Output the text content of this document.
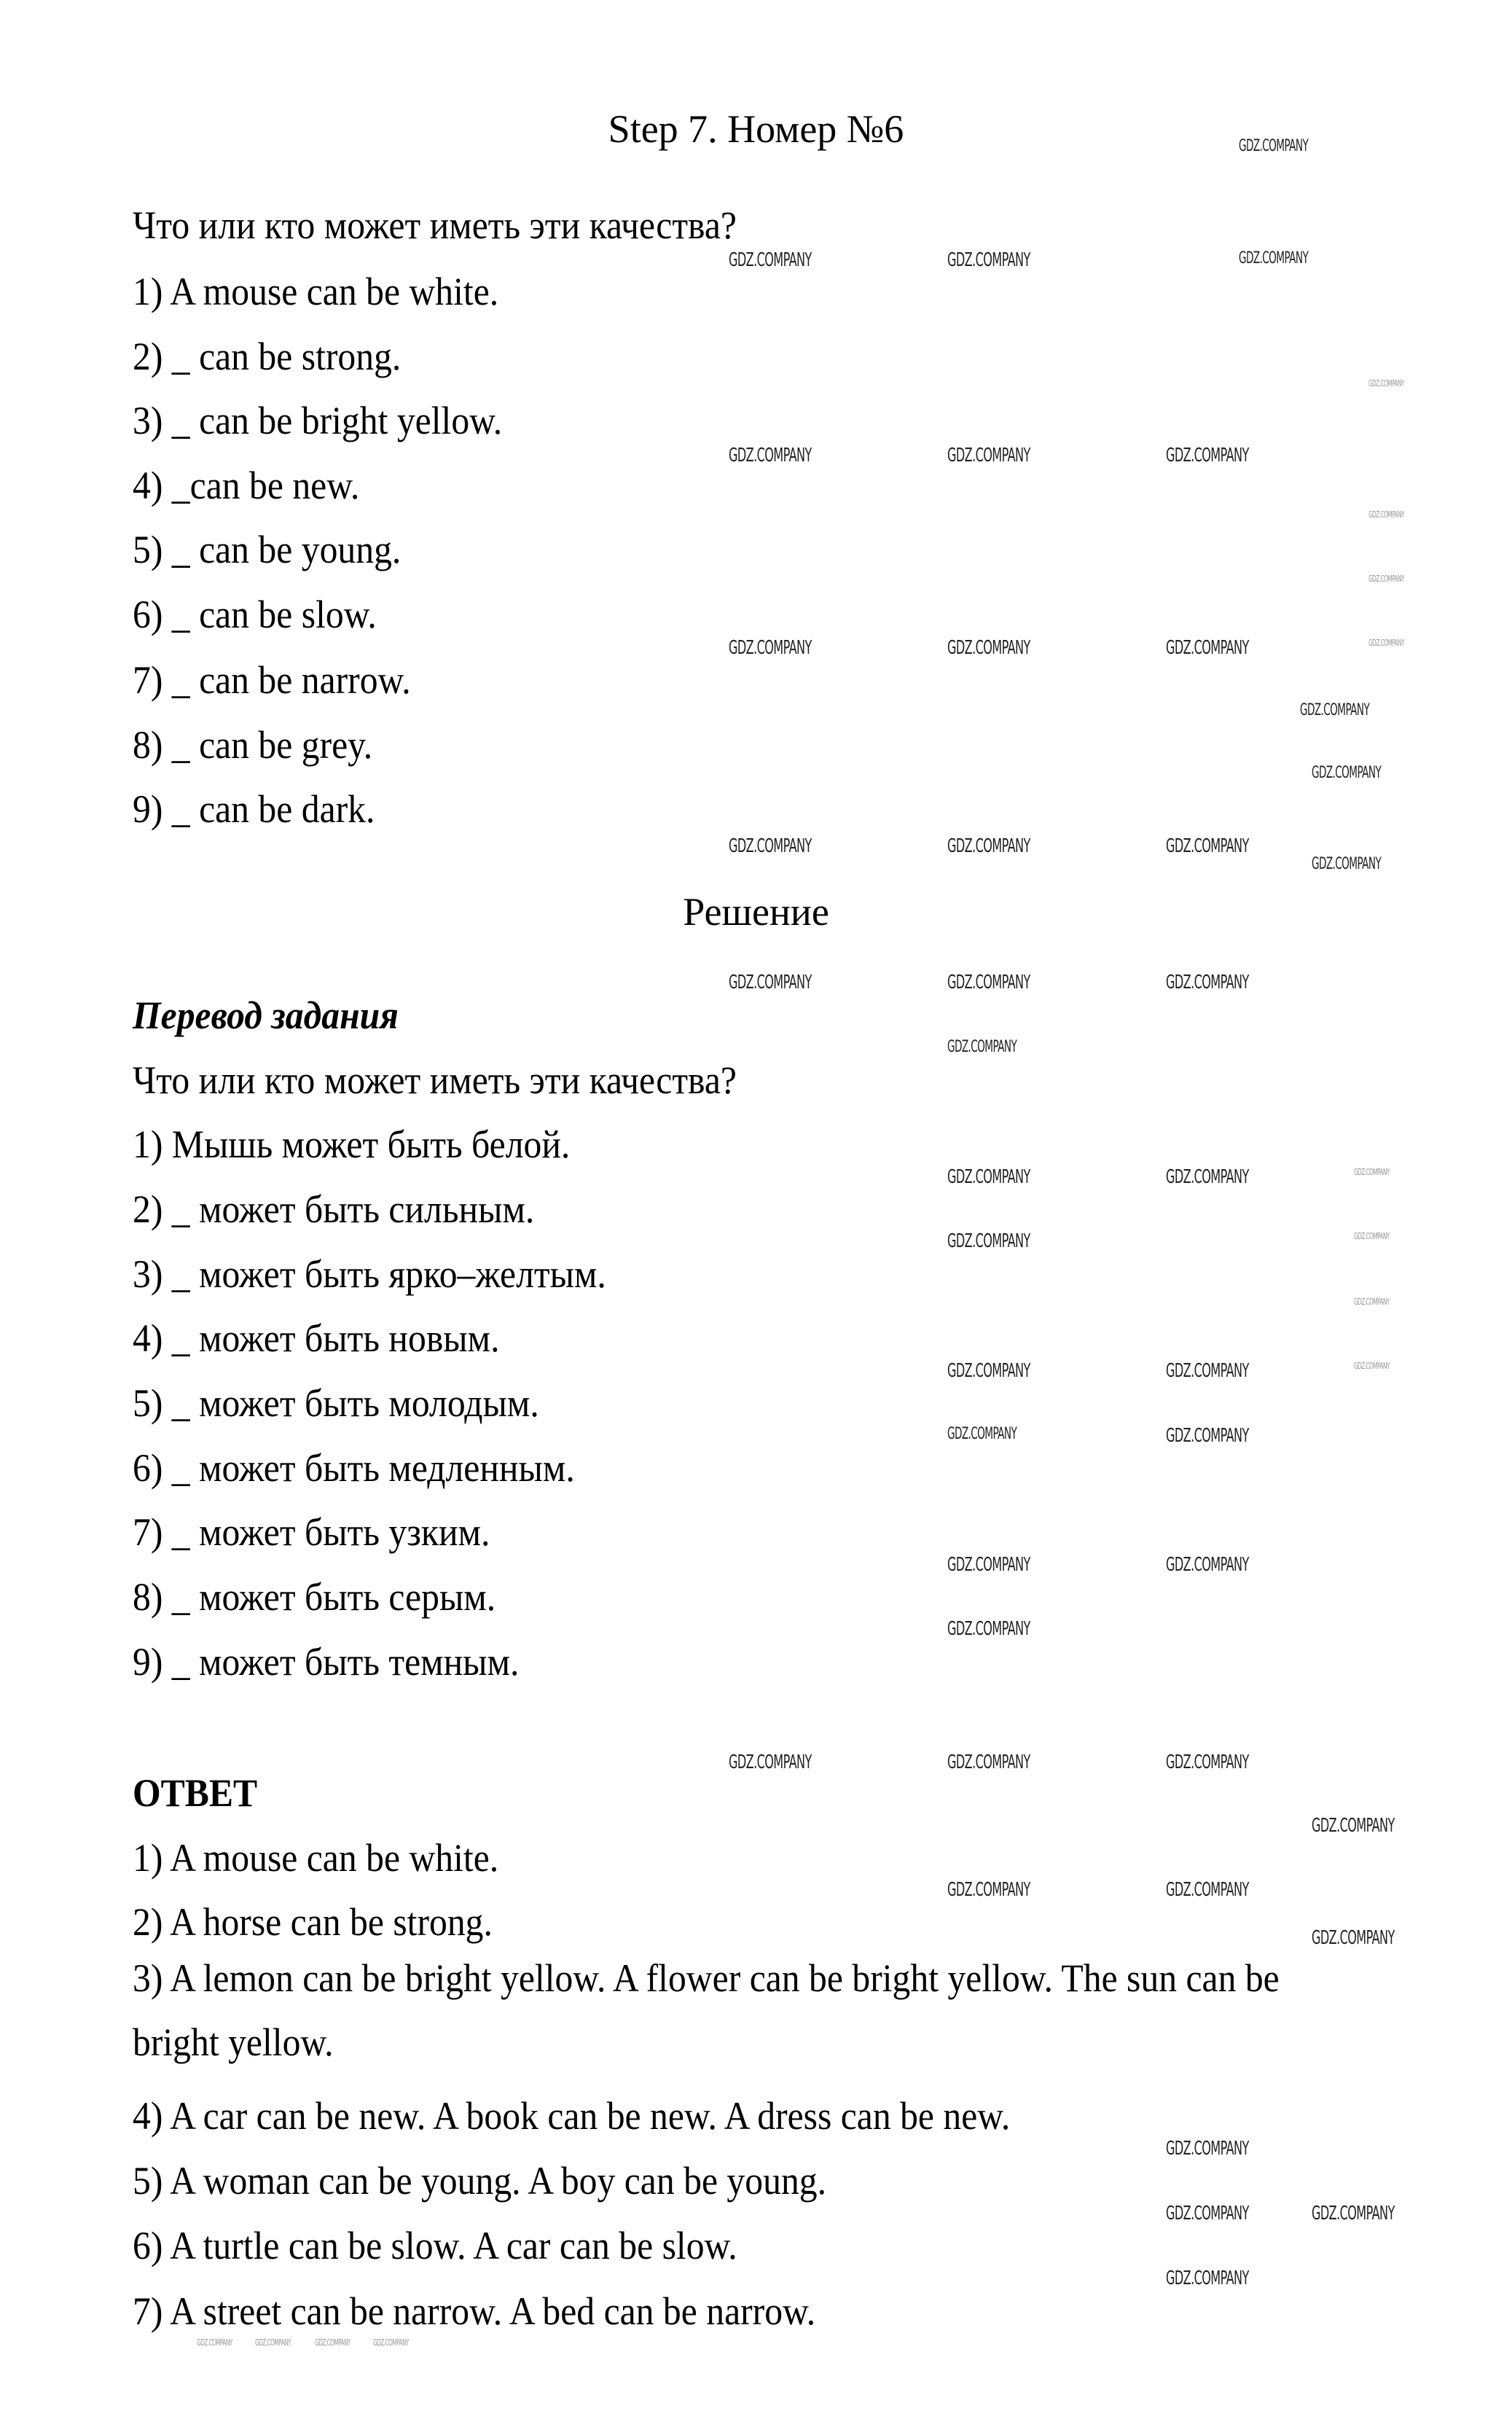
Step 7. Номер №6
Что или кто может иметь эти качества?
1) A mouse can be white.
2) _ can be strong.
3) _ can be bright yellow.
4) _can be new.
5) _ can be young.
6) _ can be slow.
7) _ can be narrow.
8) _ can be grey.
9) _ can be dark.
Решение
Перевод задания
Что или кто может иметь эти качества?
1) Мышь может быть белой.
2) _ может быть сильным.
3) _ может быть ярко–желтым.
4) _ может быть новым.
5) _ может быть молодым.
6) _ может быть медленным.
7) _ может быть узким.
8) _ может быть серым.
9) _ может быть темным.
ОТВЕТ
1) A mouse can be white.
2) A horse can be strong.
3) A lemon can be bright yellow. A flower can be bright yellow. The sun can be bright yellow.
4) A car can be new. A book can be new. A dress can be new.
5) A woman can be young. A boy can be young.
6) A turtle can be slow. A car can be slow.
7) A street can be narrow. A bed can be narrow.
GDZ.COMPANY
GDZ.COMPANY	GDZ.COMPANY	GDZ.COMPANY
GDZ.COMPANY
GDZ.COMPANY	GDZ.COMPANY	GDZ.COMPANY
GDZ.COMPANY
GDZ.COMPANY
GDZ.COMPANY
GDZ.COMPANY	GDZ.COMPANY	GDZ.COMPANY
GDZ.COMPANY
GDZ.COMPANY
GDZ.COMPANY	GDZ.COMPANY	GDZ.COMPANY
GDZ.COMPANY
GDZ.COMPANY	GDZ.COMPANY	GDZ.COMPANY
GDZ.COMPANY
GDZ.COMPANY
GDZ.COMPANY	GDZ.COMPANY
GDZ.COMPANY
GDZ.COMPANY
GDZ.COMPANY
GDZ.COMPANY
GDZ.COMPANY	GDZ.COMPANY
GDZ.COMPANY	GDZ.COMPANY
GDZ.COMPANY	GDZ.COMPANY
GDZ.COMPANY
GDZ.COMPANY	GDZ.COMPANY	GDZ.COMPANY
GDZ.COMPANY
GDZ.COMPANY	GDZ.COMPANY
GDZ.COMPANY
GDZ.COMPANY
GDZ.COMPANY	GDZ.COMPANY
GDZ.COMPANY
GDZ.COMPANY	GDZ.COMPANY	GDZ.COMPANY	GDZ.COMPANY
